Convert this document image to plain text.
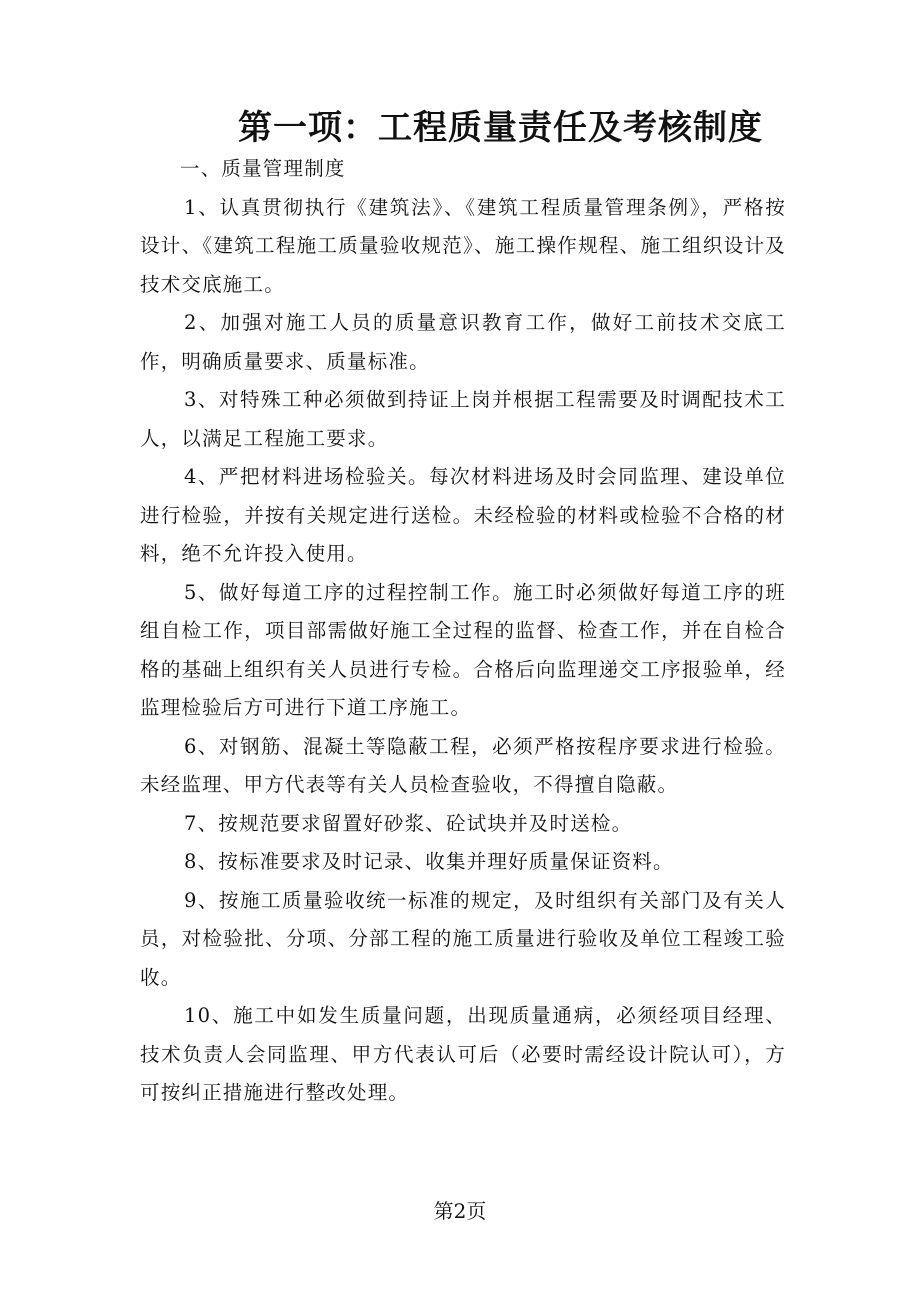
第一项：工程质量责任及考核制度

一、质量管理制度

1、认真贯彻执行《建筑法》、《建筑工程质量管理条例》，严格按设计、《建筑工程施工质量验收规范》、施工操作规程、施工组织设计及技术交底施工。

2、加强对施工人员的质量意识教育工作，做好工前技术交底工作，明确质量要求、质量标准。

3、对特殊工种必须做到持证上岗并根据工程需要及时调配技术工人，以满足工程施工要求。

4、严把材料进场检验关。每次材料进场及时会同监理、建设单位进行检验，并按有关规定进行送检。未经检验的材料或检验不合格的材料，绝不允许投入使用。

5、做好每道工序的过程控制工作。施工时必须做好每道工序的班组自检工作，项目部需做好施工全过程的监督、检查工作，并在自检合格的基础上组织有关人员进行专检。合格后向监理递交工序报验单，经监理检验后方可进行下道工序施工。

6、对钢筋、混凝土等隐蔽工程，必须严格按程序要求进行检验。未经监理、甲方代表等有关人员检查验收，不得擅自隐蔽。

7、按规范要求留置好砂浆、砼试块并及时送检。

8、按标准要求及时记录、收集并理好质量保证资料。

9、按施工质量验收统一标准的规定，及时组织有关部门及有关人员，对检验批、分项、分部工程的施工质量进行验收及单位工程竣工验收。

10、施工中如发生质量问题，出现质量通病，必须经项目经理、技术负责人会同监理、甲方代表认可后（必要时需经设计院认可），方可按纠正措施进行整改处理。

第2页
